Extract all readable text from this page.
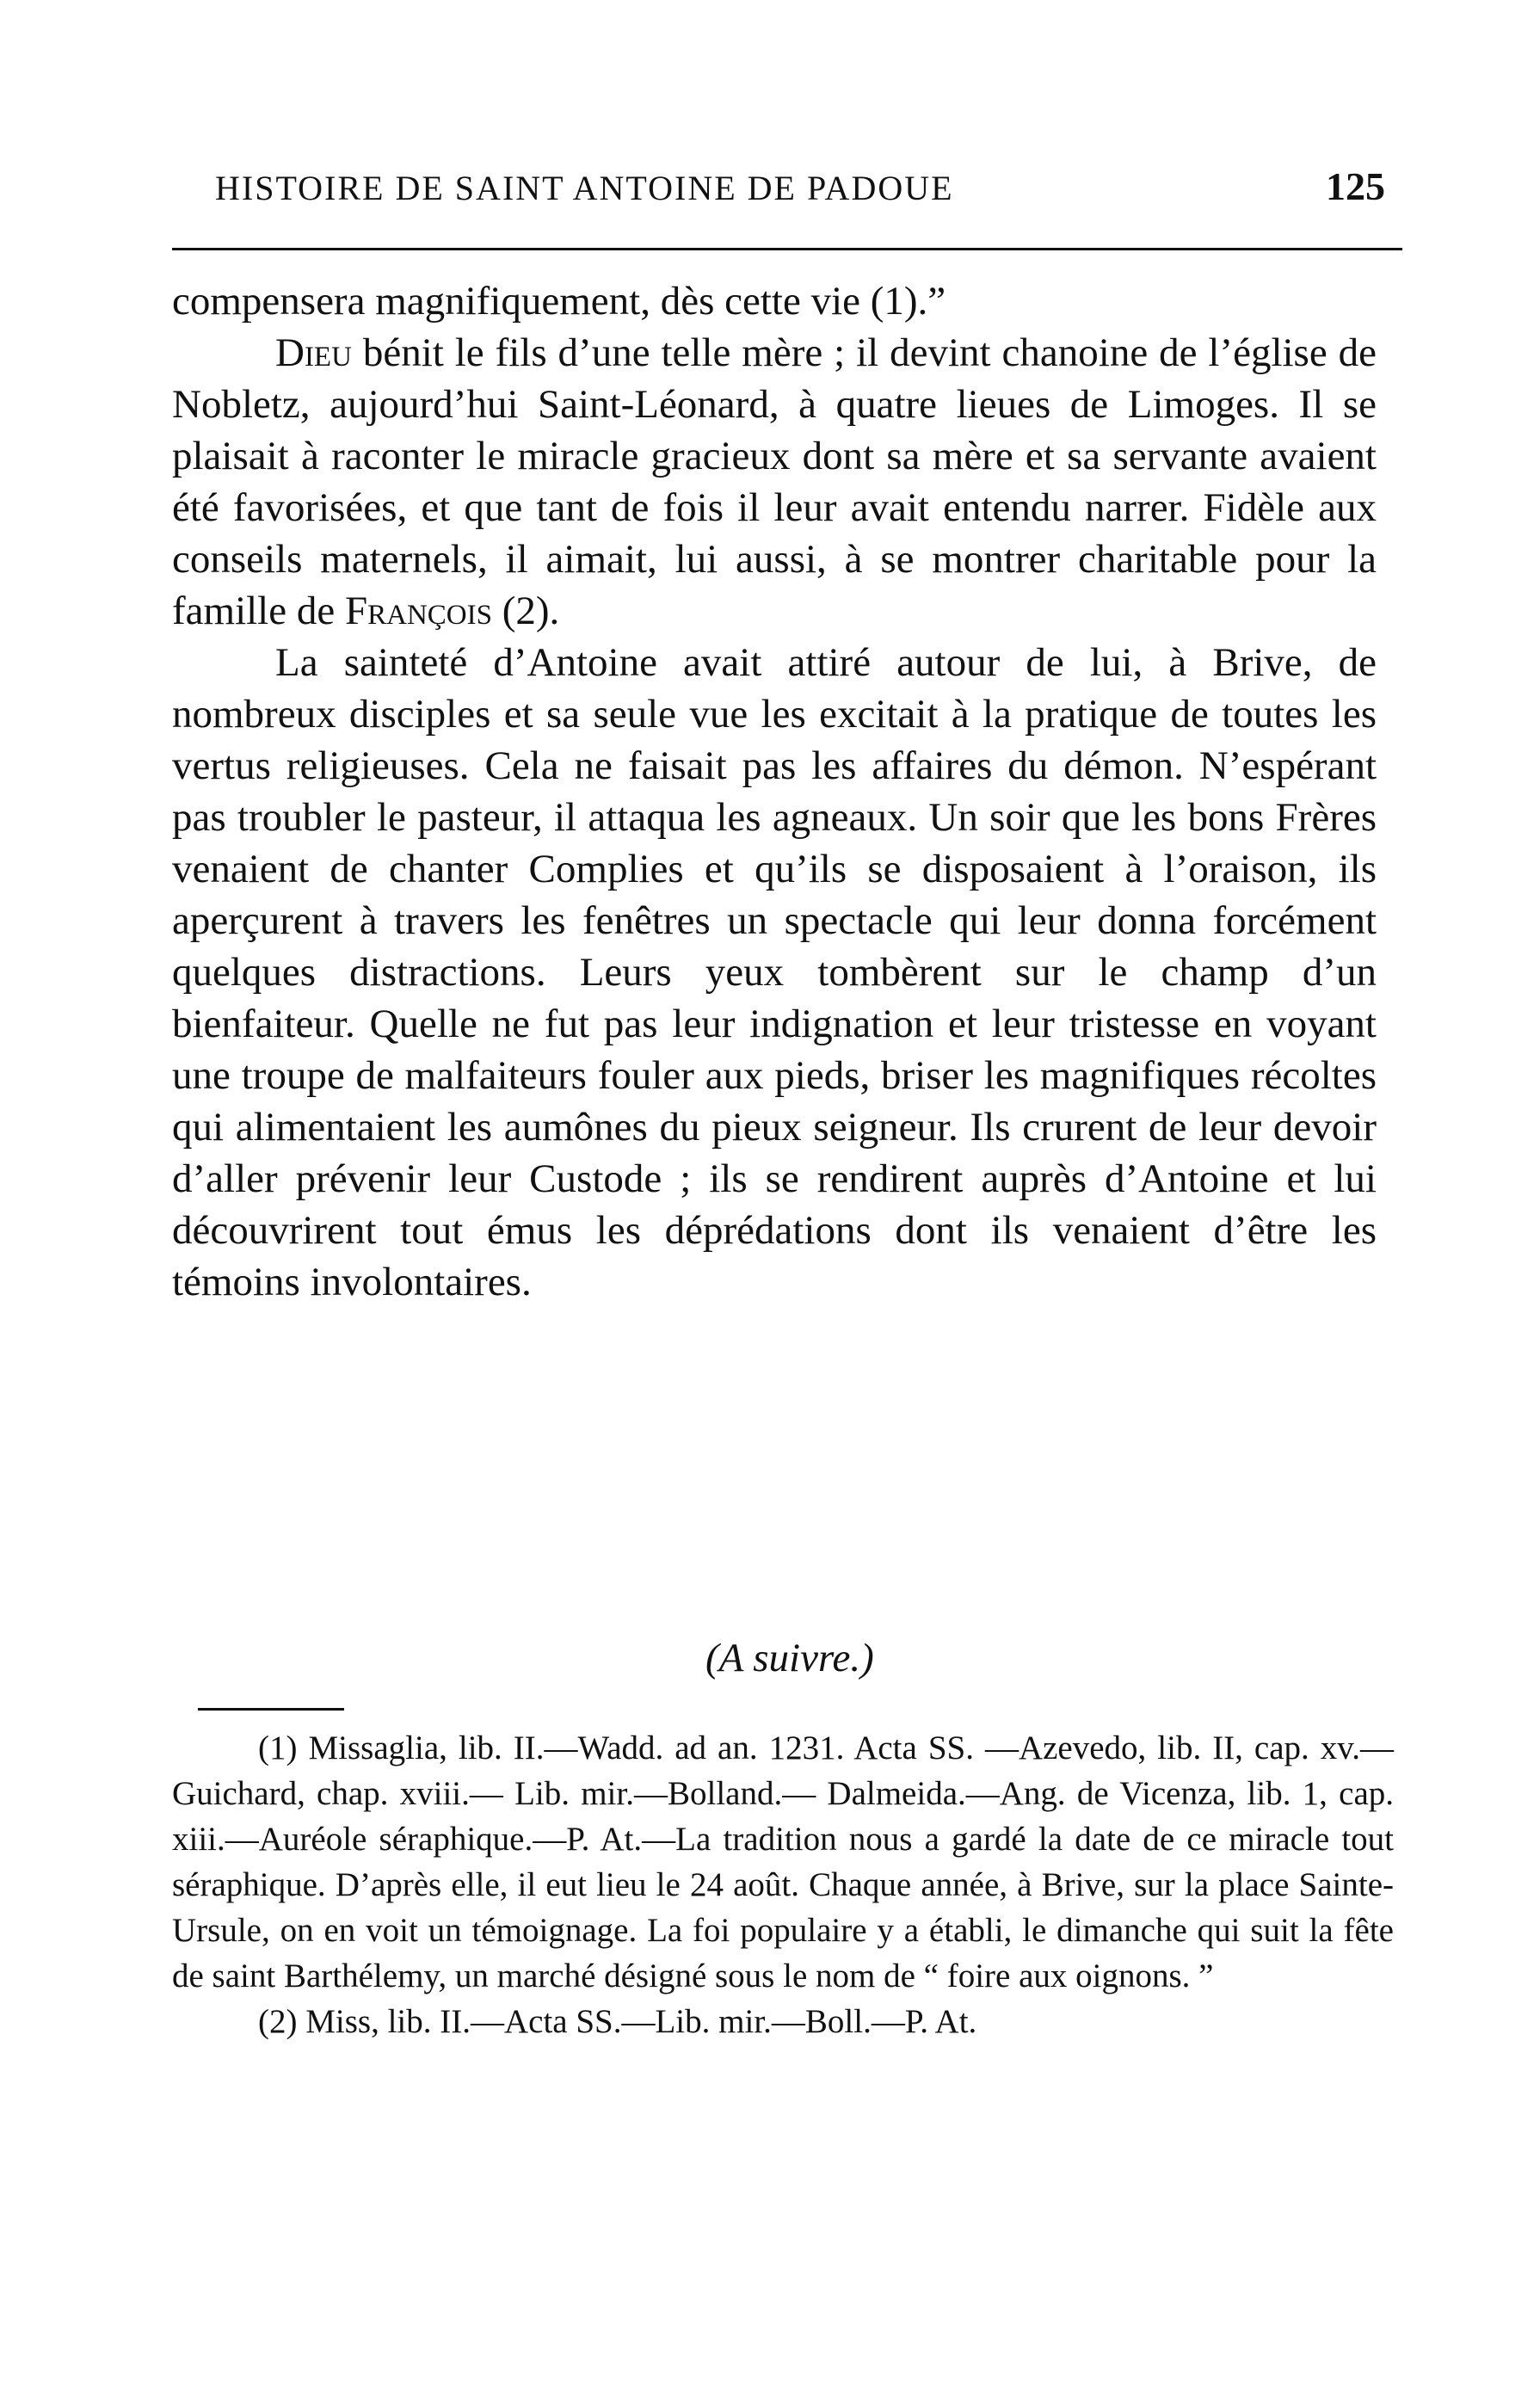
HISTOIRE DE SAINT ANTOINE DE PADOUE	125

compensera magnifiquement, dès cette vie (1).”

Dieu bénit le fils d’une telle mère ; il devint chanoine de l’église de Nobletz, aujourd’hui Saint-Léonard, à quatre lieues de Limoges. Il se plaisait à raconter le miracle gracieux dont sa mère et sa servante avaient été favorisées, et que tant de fois il leur avait entendu narrer. Fidèle aux conseils maternels, il aimait, lui aussi, à se montrer charitable pour la famille de François (2).

La sainteté d’Antoine avait attiré autour de lui, à Brive, de nombreux disciples et sa seule vue les excitait à la pratique de toutes les vertus religieuses. Cela ne faisait pas les affaires du démon. N’espérant pas troubler le pasteur, il attaqua les agneaux. Un soir que les bons Frères venaient de chanter Complies et qu’ils se disposaient à l’oraison, ils aperçurent à travers les fenêtres un spectacle qui leur donna forcément quelques distractions. Leurs yeux tombèrent sur le champ d’un bienfaiteur. Quelle ne fut pas leur indignation et leur tristesse en voyant une troupe de malfaiteurs fouler aux pieds, briser les magnifiques récoltes qui alimentaient les aumônes du pieux seigneur. Ils crurent de leur devoir d’aller prévenir leur Custode ; ils se rendirent auprès d’Antoine et lui découvrirent tout émus les déprédations dont ils venaient d’être les témoins involontaires.

(A suivre.)

(1) Missaglia, lib. II.—Wadd. ad an. 1231. Acta SS. —Azevedo, lib. II, cap. xv.—Guichard, chap. xviii.— Lib. mir.—Bolland.— Dalmeida.—Ang. de Vicenza, lib. 1, cap. xiii.—Auréole séraphique.—P. At.—La tradition nous a gardé la date de ce miracle tout séraphique. D’après elle, il eut lieu le 24 août. Chaque année, à Brive, sur la place Sainte-Ursule, on en voit un témoignage. La foi populaire y a établi, le dimanche qui suit la fête de saint Barthélemy, un marché désigné sous le nom de “ foire aux oignons. ”

(2) Miss, lib. II.—Acta SS.—Lib. mir.—Boll.—P. At.
